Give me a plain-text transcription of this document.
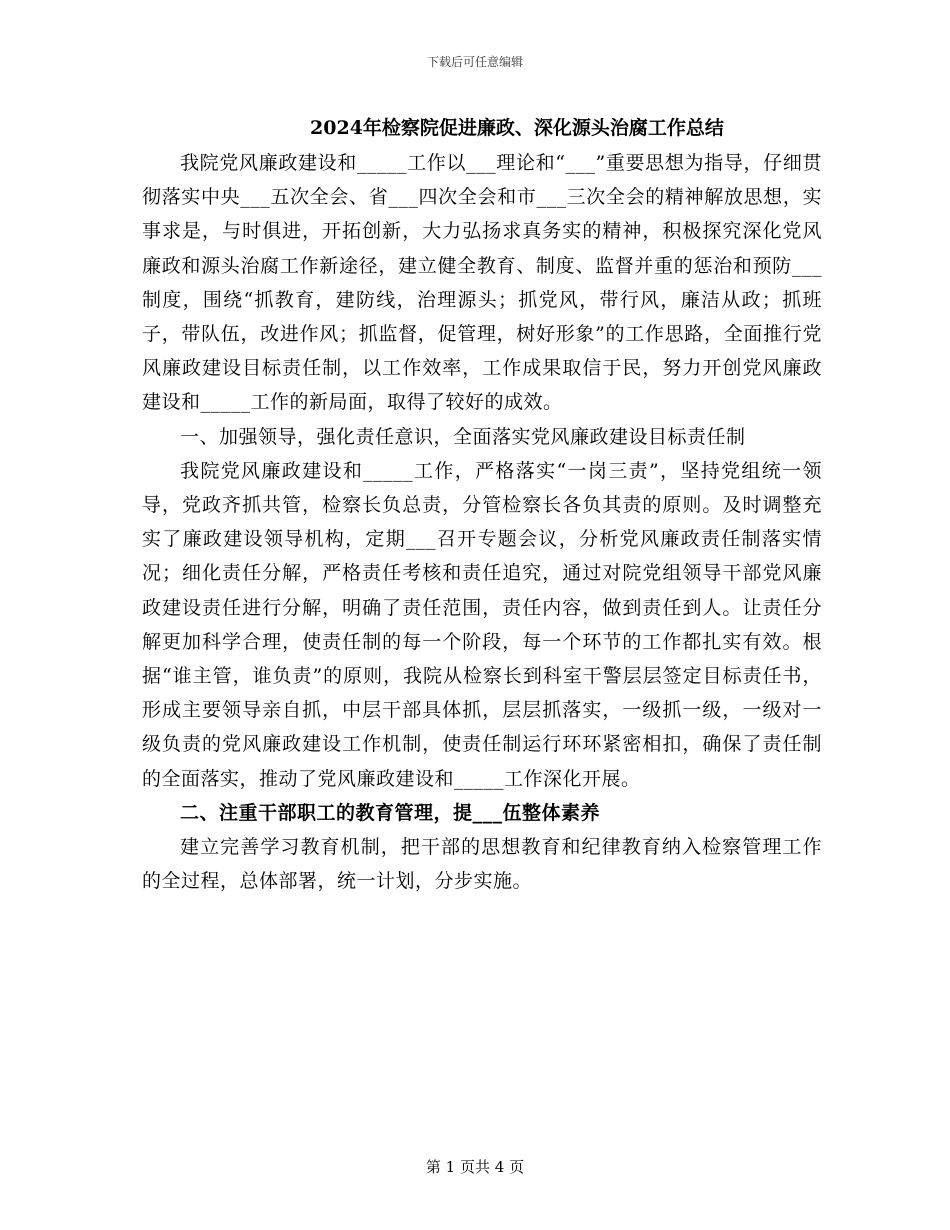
下载后可任意编辑
2024年检察院促进廉政、深化源头治腐工作总结

我院党风廉政建设和_____工作以___理论和“___”重要思想为指导，仔细贯彻落实中央___五次全会、省___四次全会和市___三次全会的精神解放思想，实事求是，与时俱进，开拓创新，大力弘扬求真务实的精神，积极探究深化党风廉政和源头治腐工作新途径，建立健全教育、制度、监督并重的惩治和预防___制度，围绕“抓教育，建防线，治理源头；抓党风，带行风，廉洁从政；抓班子，带队伍，改进作风；抓监督，促管理，树好形象”的工作思路，全面推行党风廉政建设目标责任制，以工作效率，工作成果取信于民，努力开创党风廉政建设和_____工作的新局面，取得了较好的成效。

一、加强领导，强化责任意识，全面落实党风廉政建设目标责任制

我院党风廉政建设和_____工作，严格落实“一岗三责”，坚持党组统一领导，党政齐抓共管，检察长负总责，分管检察长各负其责的原则。及时调整充实了廉政建设领导机构，定期___召开专题会议，分析党风廉政责任制落实情况；细化责任分解，严格责任考核和责任追究，通过对院党组领导干部党风廉政建设责任进行分解，明确了责任范围，责任内容，做到责任到人。让责任分解更加科学合理，使责任制的每一个阶段，每一个环节的工作都扎实有效。根据“谁主管，谁负责”的原则，我院从检察长到科室干警层层签定目标责任书，形成主要领导亲自抓，中层干部具体抓，层层抓落实，一级抓一级，一级对一级负责的党风廉政建设工作机制，使责任制运行环环紧密相扣，确保了责任制的全面落实，推动了党风廉政建设和_____工作深化开展。

二、注重干部职工的教育管理，提___伍整体素养

建立完善学习教育机制，把干部的思想教育和纪律教育纳入检察管理工作的全过程，总体部署，统一计划，分步实施。

第 1 页共 4 页
